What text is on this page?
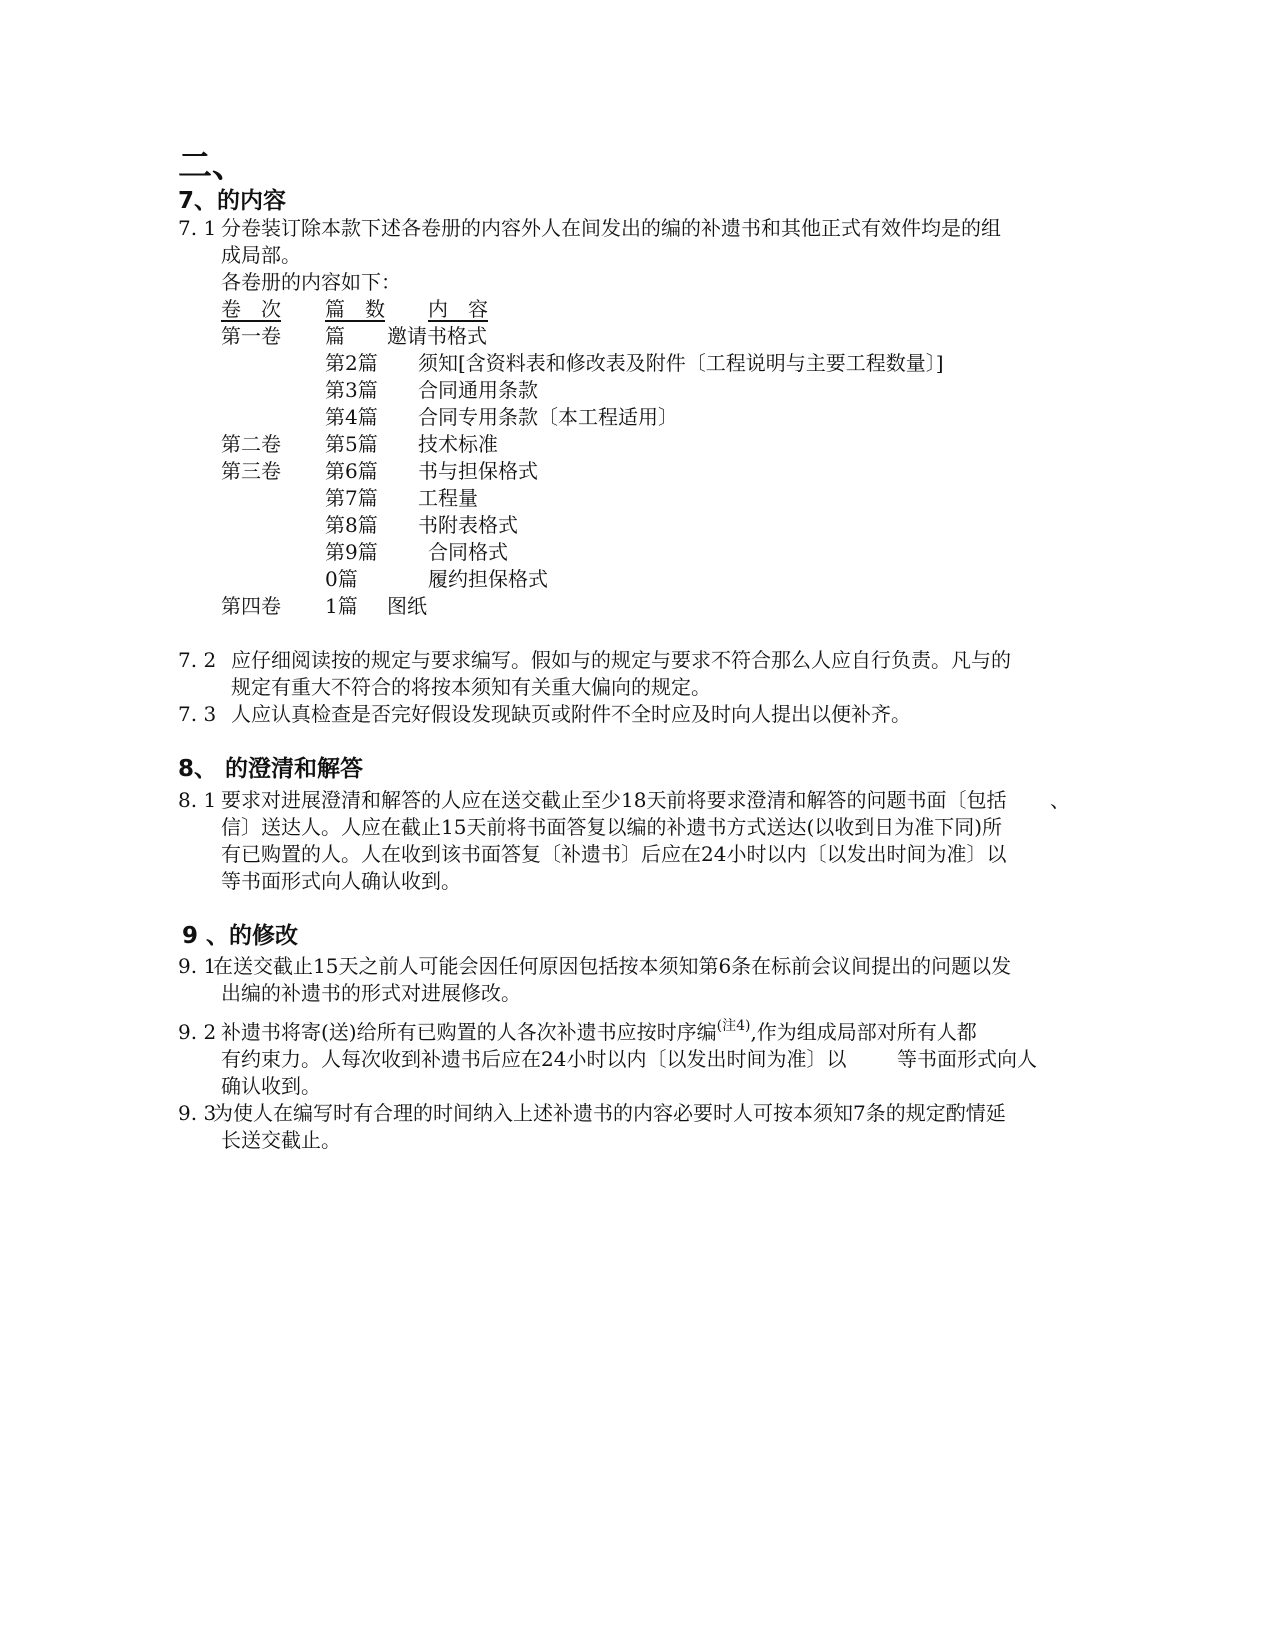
二、
7、的内容
7. 1 分卷装订除本款下述各卷册的内容外人在间发出的编的补遗书和其他正式有效件均是的组
成局部。
各卷册的内容如下：
卷　次 篇　数 内　容
第一卷 篇 邀请书格式
第2篇 须知[含资料表和修改表及附件〔工程说明与主要工程数量〕]
第3篇 合同通用条款
第4篇 合同专用条款〔本工程适用〕
第二卷 第5篇 技术标准
第三卷 第6篇 书与担保格式
第7篇 工程量
第8篇 书附表格式
第9篇	合同格式
0篇	履约担保格式
第四卷 1篇 图纸
7. 2 应仔细阅读按的规定与要求编写。假如与的规定与要求不符合那么人应自行负责。凡与的
规定有重大不符合的将按本须知有关重大偏向的规定。
7. 3 人应认真检查是否完好假设发现缺页或附件不全时应及时向人提出以便补齐。
8、 的澄清和解答
8. 1 要求对进展澄清和解答的人应在送交截止至少18天前将要求澄清和解答的问题书面〔包括 、
信〕送达人。人应在截止15天前将书面答复以编的补遗书方式送达(以收到日为准下同)所
有已购置的人。人在收到该书面答复〔补遗书〕后应在24小时以内〔以发出时间为准〕以
等书面形式向人确认收到。
9 、的修改
9. 1
在送交截止15天之前人可能会因任何原因包括按本须知第6条在标前会议间提出的问题以发
出编的补遗书的形式对进展修改。
9. 2 补遗书将寄(送)给所有已购置的人各次补遗书应按时序编$^{(注4)}$,作为组成局部对所有人都
有约束力。人每次收到补遗书后应在24小时以内〔以发出时间为准〕以	等书面形式向人
确认收到。
9. 3
为使人在编写时有合理的时间纳入上述补遗书的内容必要时人可按本须知7条的规定酌情延
长送交截止。
